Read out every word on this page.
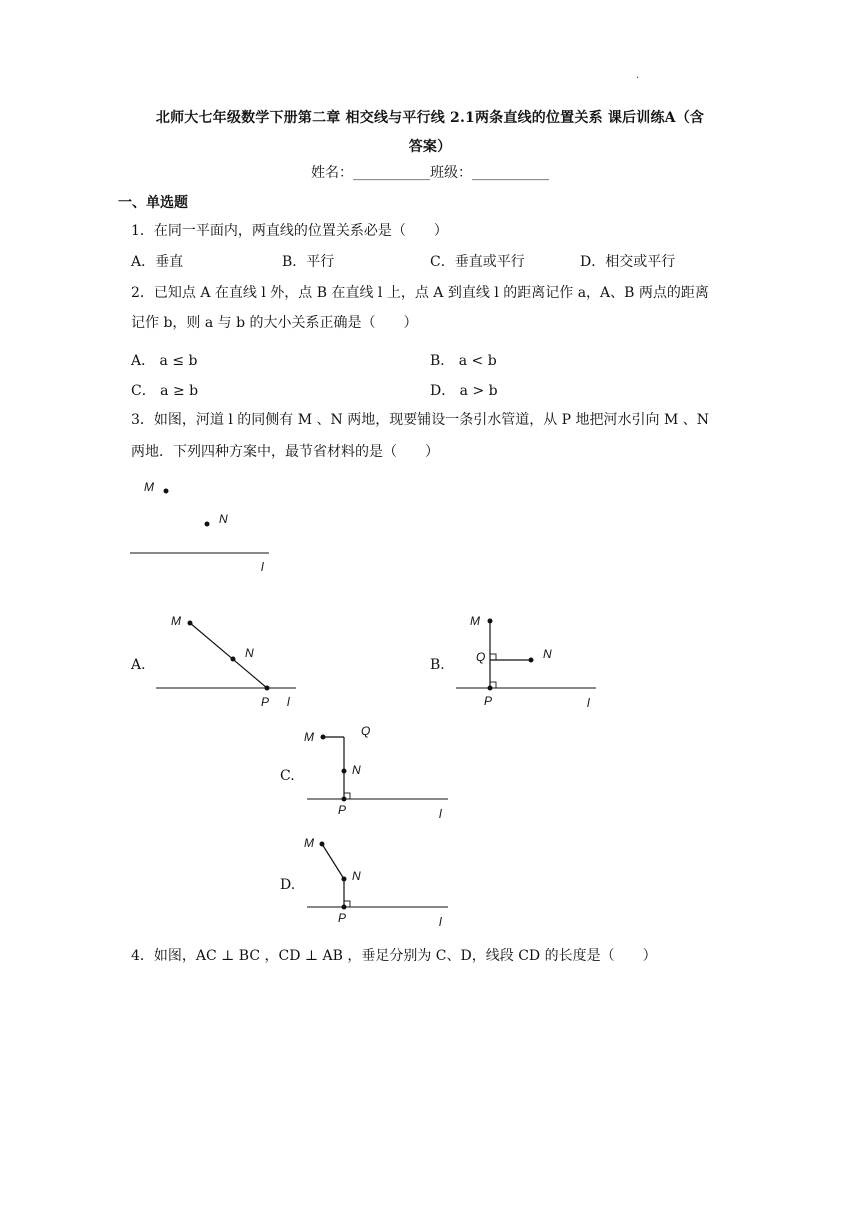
.
北师大七年级数学下册第二章 相交线与平行线 2.1两条直线的位置关系 课后训练A（含
答案）
姓名：___________班级：___________
一、单选题
1．在同一平面内，两直线的位置关系必是（　　）
A．垂直	B．平行	C．垂直或平行	D．相交或平行
2．已知点 A 在直线 l 外，点 B 在直线 l 上，点 A 到直线 l 的距离记作 a，A、B 两点的距离
记作 b，则 a 与 b 的大小关系正确是（　　）
A． a ≤ b	B． a < b
C． a ≥ b	D． a > b
3．如图，河道 l 的同侧有 M 、N 两地，现要铺设一条引水管道，从 P 地把河水引向 M 、N
两地．下列四种方案中，最节省材料的是（　　）
M
N
l
A.
M
N
P l
B.
M
Q	N
P	l
C.
M	Q
N
P	l
D.
M
N
P	l
4．如图，AC ⊥ BC ，CD ⊥ AB ，垂足分别为 C、D，线段 CD 的长度是（　　）
